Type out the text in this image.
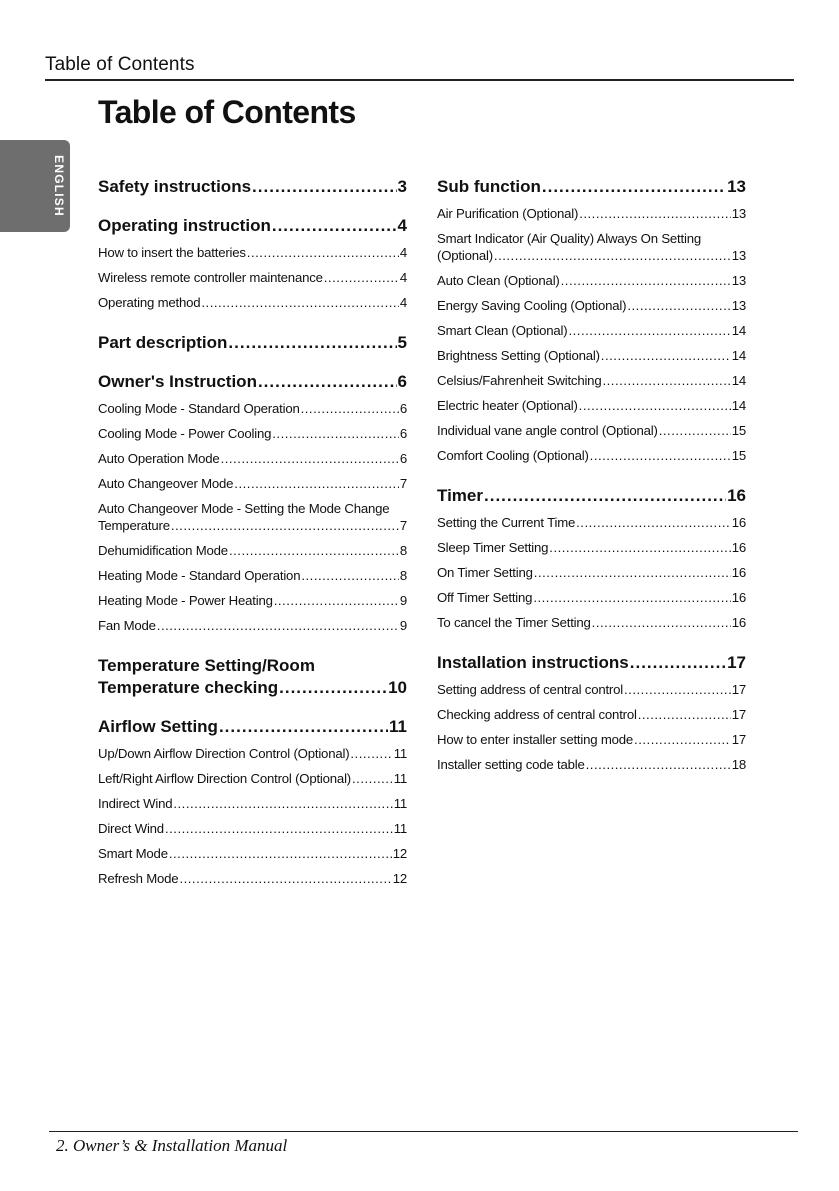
Table of Contents
Table of Contents
ENGLISH Safety instructions .....	3
Operating instruction .....	4
How to insert the batteries .....	4
Wireless remote controller maintenance .....	4
Operating method .....	4
Part description .....	5
Owner's Instruction .....	6
Cooling Mode - Standard Operation .....	6
Cooling Mode - Power Cooling .....	6
Auto Operation Mode .....	6
Auto Changeover Mode .....	7
Auto Changeover Mode - Setting the Mode Change
Temperature .....	7
Dehumidification Mode .....	8
Heating Mode - Standard Operation .....	8
Heating Mode - Power Heating .....	9
Fan Mode .....	9
Temperature Setting/Room
Temperature checking .....	10
Airflow Setting .....	11
Up/Down Airflow Direction Control (Optional) .....	11
Left/Right Airflow Direction Control (Optional) .....	11
Indirect Wind .....	11
Direct Wind .....	11
Smart Mode .....	12
Refresh Mode .....	12
Sub function .....	13
Air Purification (Optional) .....	13
Smart Indicator (Air Quality) Always On Setting
(Optional) .....	13
Auto Clean (Optional) .....	13
Energy Saving Cooling (Optional) .....	13
Smart Clean (Optional) .....	14
Brightness Setting (Optional) .....	14
Celsius/Fahrenheit Switching .....	14
Electric heater (Optional) .....	14
Individual vane angle control (Optional) .....	15
Comfort Cooling (Optional) .....	15
Timer .....	16
Setting the Current Time .....	16
Sleep Timer Setting .....	16
On Timer Setting .....	16
Off Timer Setting .....	16
To cancel the Timer Setting .....	16
Installation instructions .....	17
Setting address of central control .....	17
Checking address of central control .....	17
How to enter installer setting mode .....	17
Installer setting code table .....	18
2. Owner’s & Installation Manual
